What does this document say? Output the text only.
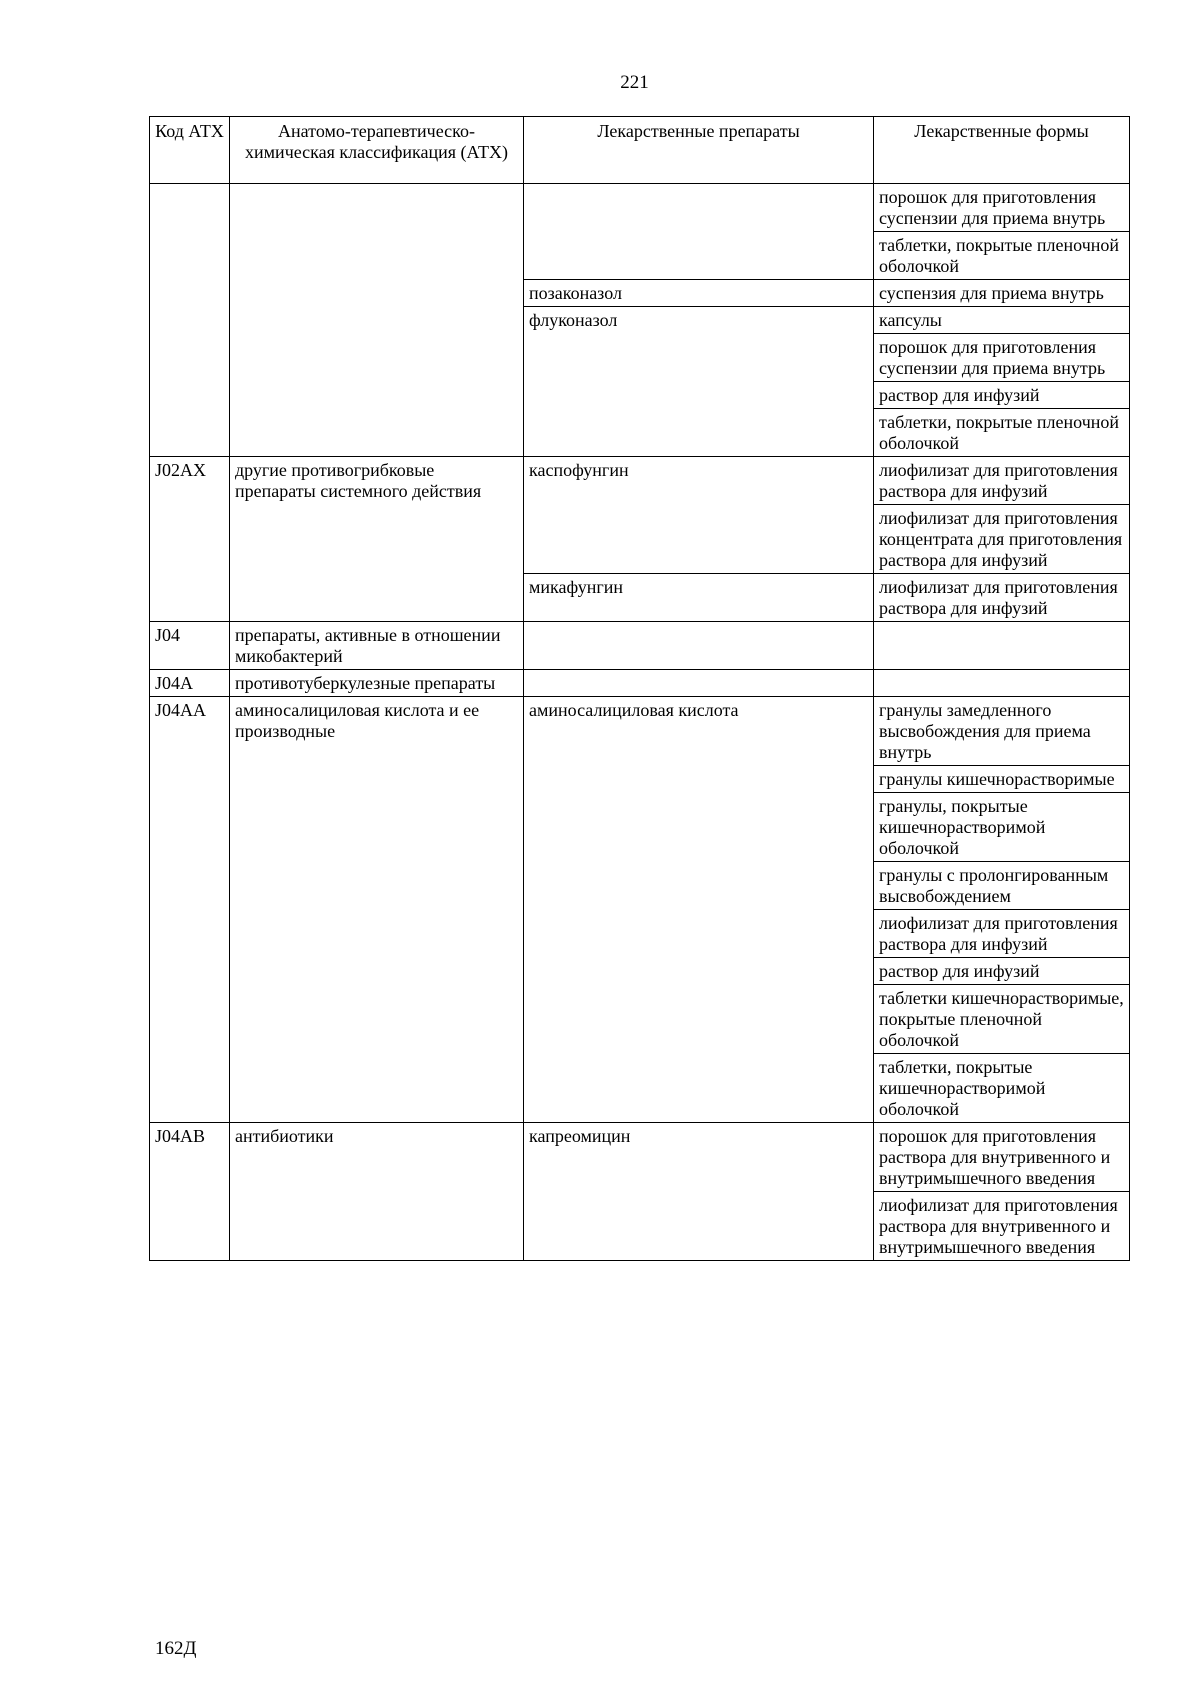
221
Код АТХ	Анатомо-терапевтическо-химическая классификация (АТХ)	Лекарственные препараты	Лекарственные формы
			порошок для приготовления суспензии для приема внутрь
			таблетки, покрытые пленочной оболочкой
		позаконазол	суспензия для приема внутрь
		флуконазол	капсулы
			порошок для приготовления суспензии для приема внутрь
			раствор для инфузий
			таблетки, покрытые пленочной оболочкой
J02AX	другие противогрибковые препараты системного действия	каспофунгин	лиофилизат для приготовления раствора для инфузий
			лиофилизат для приготовления концентрата для приготовления раствора для инфузий
		микафунгин	лиофилизат для приготовления раствора для инфузий
J04	препараты, активные в отношении микобактерий		
J04A	противотуберкулезные препараты		
J04AA	аминосалициловая кислота и ее производные	аминосалициловая кислота	гранулы замедленного высвобождения для приема внутрь
			гранулы кишечнорастворимые
			гранулы, покрытые кишечнорастворимой оболочкой
			гранулы с пролонгированным высвобождением
			лиофилизат для приготовления раствора для инфузий
			раствор для инфузий
			таблетки кишечнорастворимые, покрытые пленочной оболочкой
			таблетки, покрытые кишечнорастворимой оболочкой
J04AB	антибиотики	капреомицин	порошок для приготовления раствора для внутривенного и внутримышечного введения
			лиофилизат для приготовления раствора для внутривенного и внутримышечного введения
162Д
